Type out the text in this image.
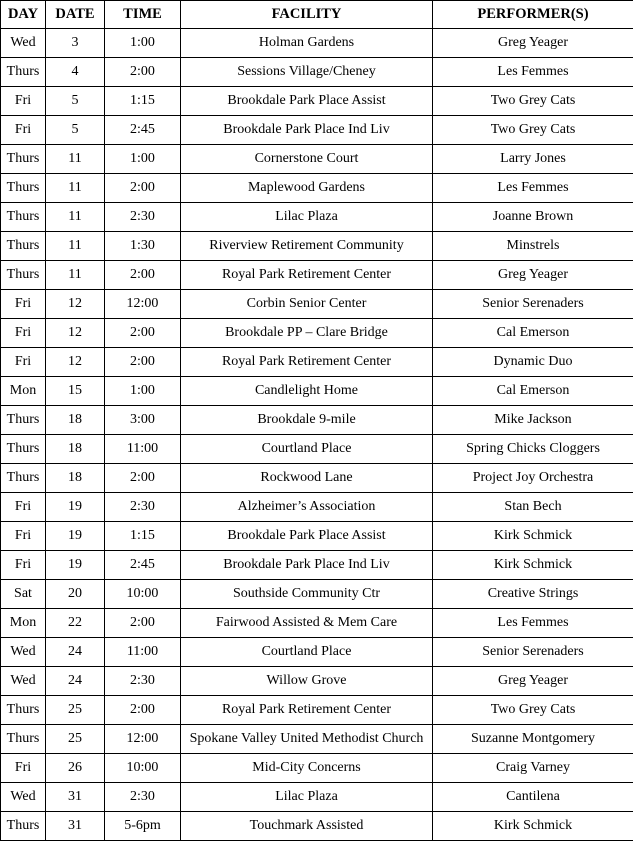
DAY	DATE	TIME	FACILITY	PERFORMER(S)
Wed	3	1:00	Holman Gardens	Greg Yeager
Thurs	4	2:00	Sessions Village/Cheney	Les Femmes
Fri	5	1:15	Brookdale Park Place Assist	Two Grey Cats
Fri	5	2:45	Brookdale Park Place Ind Liv	Two Grey Cats
Thurs	11	1:00	Cornerstone Court	Larry Jones
Thurs	11	2:00	Maplewood Gardens	Les Femmes
Thurs	11	2:30	Lilac Plaza	Joanne Brown
Thurs	11	1:30	Riverview Retirement Community	Minstrels
Thurs	11	2:00	Royal Park Retirement Center	Greg Yeager
Fri	12	12:00	Corbin Senior Center	Senior Serenaders
Fri	12	2:00	Brookdale PP – Clare Bridge	Cal Emerson
Fri	12	2:00	Royal Park Retirement Center	Dynamic Duo
Mon	15	1:00	Candlelight Home	Cal Emerson
Thurs	18	3:00	Brookdale 9-mile	Mike Jackson
Thurs	18	11:00	Courtland Place	Spring Chicks Cloggers
Thurs	18	2:00	Rockwood Lane	Project Joy Orchestra
Fri	19	2:30	Alzheimer’s Association	Stan Bech
Fri	19	1:15	Brookdale Park Place Assist	Kirk Schmick
Fri	19	2:45	Brookdale Park Place Ind Liv	Kirk Schmick
Sat	20	10:00	Southside Community Ctr	Creative Strings
Mon	22	2:00	Fairwood Assisted & Mem Care	Les Femmes
Wed	24	11:00	Courtland Place	Senior Serenaders
Wed	24	2:30	Willow Grove	Greg Yeager
Thurs	25	2:00	Royal Park Retirement Center	Two Grey Cats
Thurs	25	12:00	Spokane Valley United Methodist Church	Suzanne Montgomery
Fri	26	10:00	Mid-City Concerns	Craig Varney
Wed	31	2:30	Lilac Plaza	Cantilena
Thurs	31	5-6pm	Touchmark Assisted	Kirk Schmick
